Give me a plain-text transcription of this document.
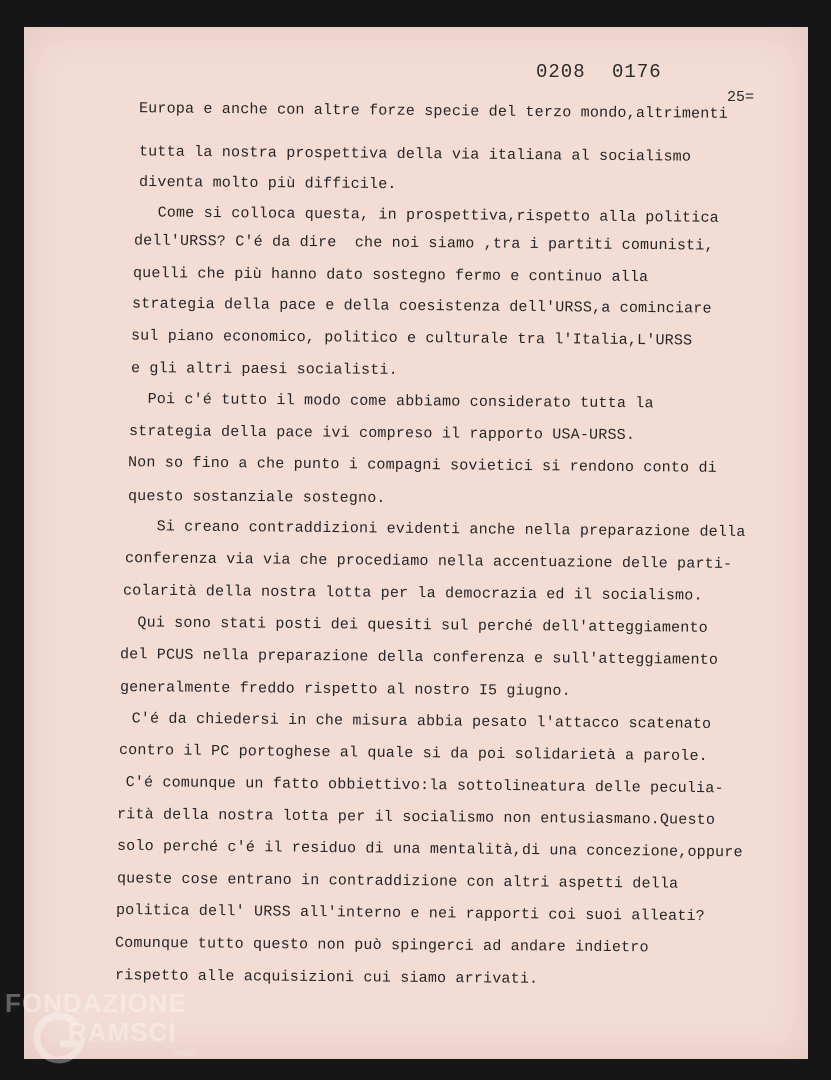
0208 0176
25=
Europa e anche con altre forze specie del terzo mondo,altrimenti
tutta la nostra prospettiva della via italiana al socialismo
diventa molto più difficile.
Come si colloca questa, in prospettiva,rispetto alla politica
dell'URSS? C'é da dire  che noi siamo ,tra i partiti comunisti,
quelli che più hanno dato sostegno fermo e continuo alla
strategia della pace e della coesistenza dell'URSS,a cominciare
sul piano economico, politico e culturale tra l'Italia,L'URSS
e gli altri paesi socialisti.
Poi c'é tutto il modo come abbiamo considerato tutta la
strategia della pace ivi compreso il rapporto USA-URSS.
Non so fino a che punto i compagni sovietici si rendono conto di
questo sostanziale sostegno.
Si creano contraddizioni evidenti anche nella preparazione della
conferenza via via che procediamo nella accentuazione delle parti-
colarità della nostra lotta per la democrazia ed il socialismo.
Qui sono stati posti dei quesiti sul perché dell'atteggiamento
del PCUS nella preparazione della conferenza e sull'atteggiamento
generalmente freddo rispetto al nostro I5 giugno.
C'é da chiedersi in che misura abbia pesato l'attacco scatenato
contro il PC portoghese al quale si da poi solidarietà a parole.
C'é comunque un fatto obbiettivo:la sottolineatura delle peculia-
rità della nostra lotta per il socialismo non entusiasmano.Questo
solo perché c'é il residuo di una mentalità,di una concezione,oppure
queste cose entrano in contraddizione con altri aspetti della
politica dell' URSS all'interno e nei rapporti coi suoi alleati?
Comunque tutto questo non può spingerci ad andare indietro
rispetto alle acquisizioni cui siamo arrivati.
FONDAZIONE
RAMSCI
onlus
